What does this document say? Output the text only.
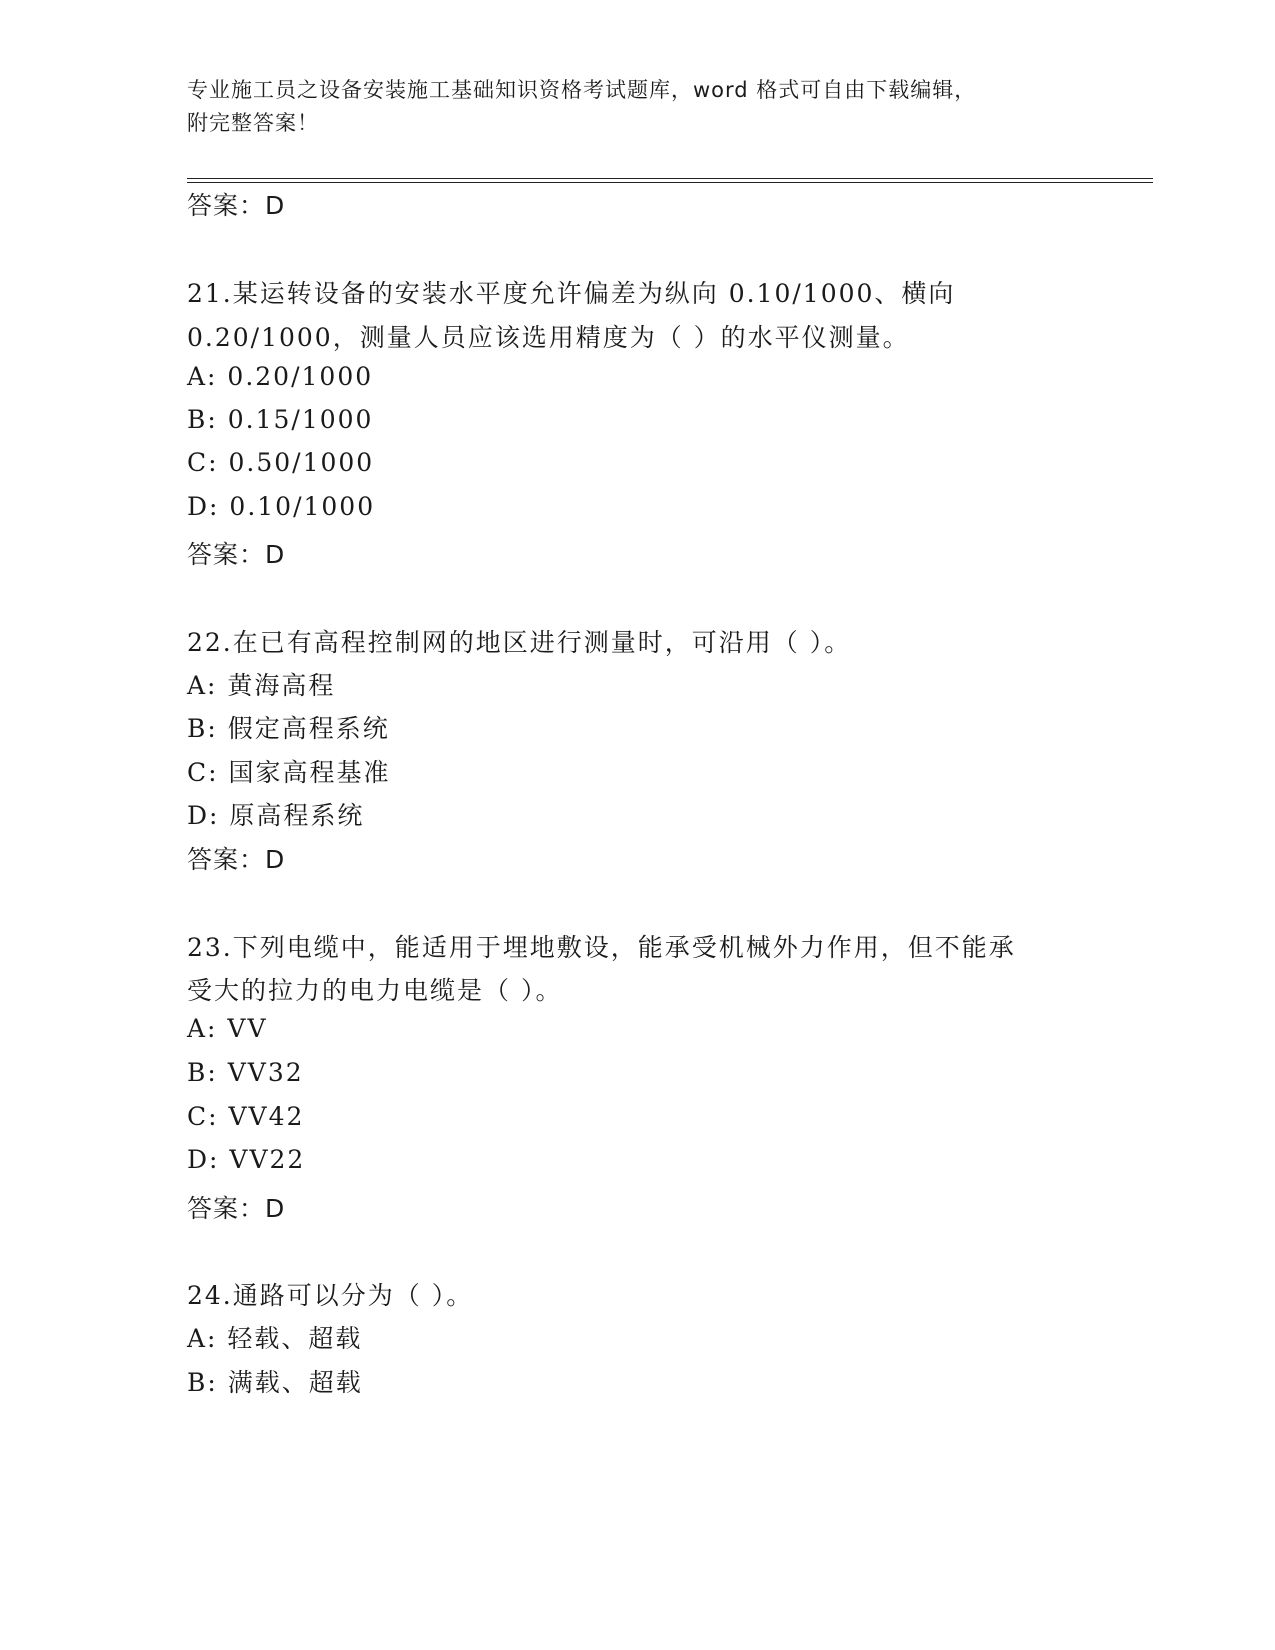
专业施工员之设备安装施工基础知识资格考试题库，word 格式可自由下载编辑，
附完整答案！
答案：D
21.某运转设备的安装水平度允许偏差为纵向 0.10/1000、横向
0.20/1000，测量人员应该选用精度为（ ）的水平仪测量。
A: 0.20/1000
B: 0.15/1000
C: 0.50/1000
D: 0.10/1000
答案：D
22.在已有高程控制网的地区进行测量时，可沿用（ ）。
A: 黄海高程
B: 假定高程系统
C: 国家高程基准
D: 原高程系统
答案：D
23.下列电缆中，能适用于埋地敷设，能承受机械外力作用，但不能承
受大的拉力的电力电缆是（ ）。
A: VV
B: VV32
C: VV42
D: VV22
答案：D
24.通路可以分为（ ）。
A: 轻载、超载
B: 满载、超载
